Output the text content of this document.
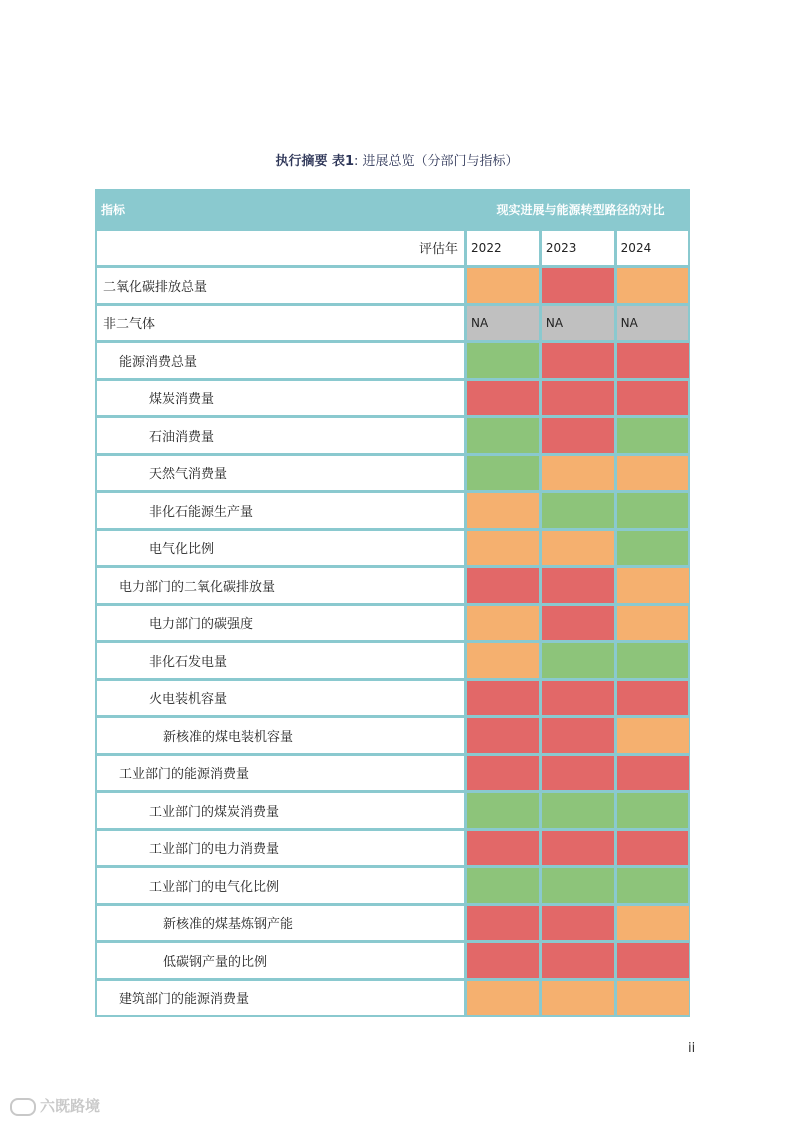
执行摘要 表1: 进展总览（分部门与指标）
指标	现实进展与能源转型路径的对比
评估年	2022	2023	2024
二氧化碳排放总量
非二气体	NA	NA	NA
能源消费总量
煤炭消费量
石油消费量
天然气消费量
非化石能源生产量
电气化比例
电力部门的二氧化碳排放量
电力部门的碳强度
非化石发电量
火电装机容量
新核准的煤电装机容量
工业部门的能源消费量
工业部门的煤炭消费量
工业部门的电力消费量
工业部门的电气化比例
新核准的煤基炼钢产能
低碳钢产量的比例
建筑部门的能源消费量
ii
六既路境
